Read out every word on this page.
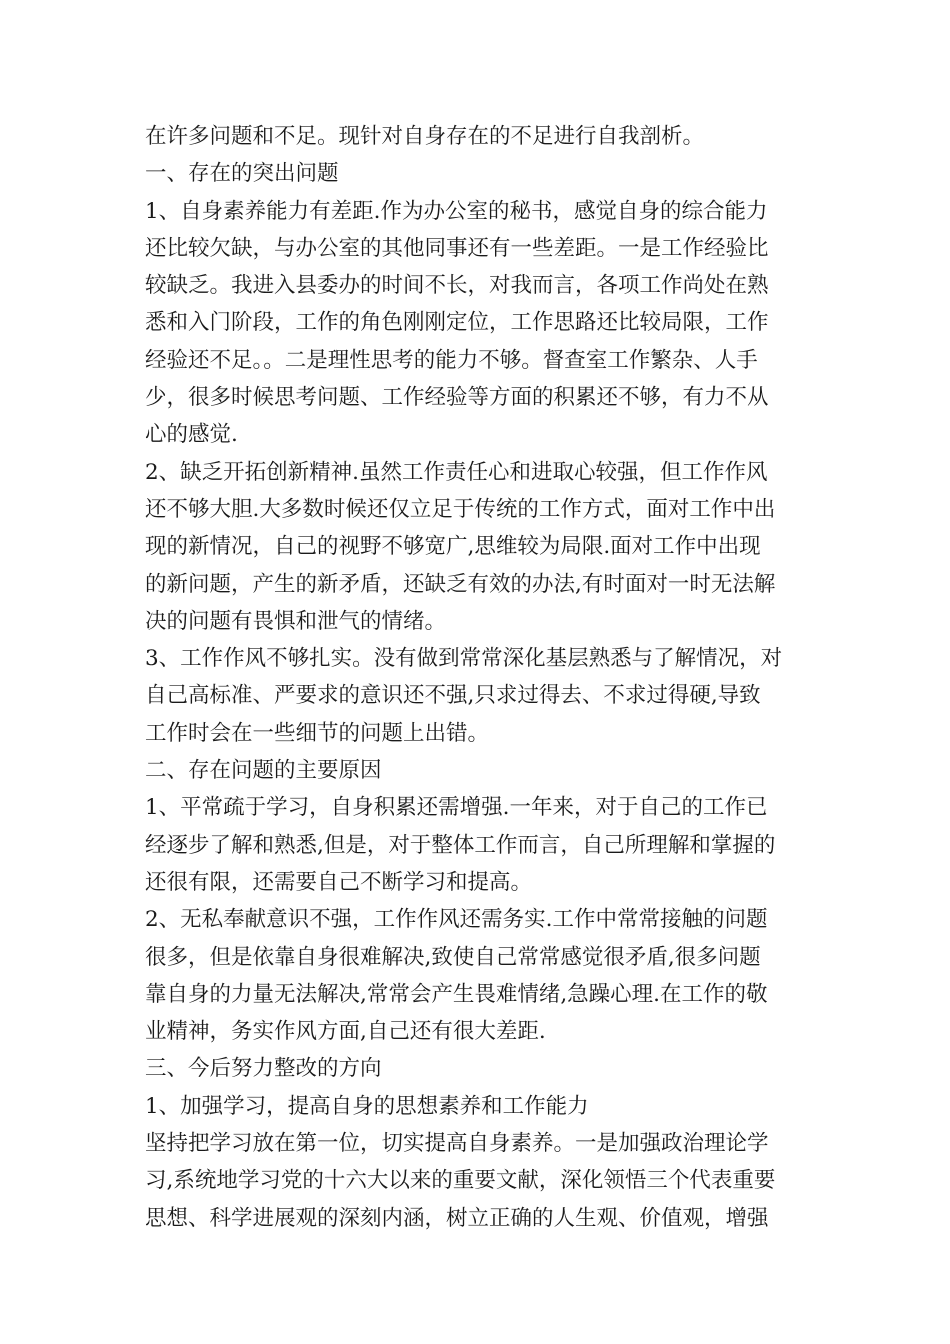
在许多问题和不足。现针对自身存在的不足进行自我剖析。
一、存在的突出问题
1、自身素养能力有差距.作为办公室的秘书，感觉自身的综合能力
还比较欠缺，与办公室的其他同事还有一些差距。一是工作经验比
较缺乏。我进入县委办的时间不长，对我而言，各项工作尚处在熟
悉和入门阶段，工作的角色刚刚定位，工作思路还比较局限，工作
经验还不足。。二是理性思考的能力不够。督查室工作繁杂、人手
少，很多时候思考问题、工作经验等方面的积累还不够，有力不从
心的感觉.
2、缺乏开拓创新精神.虽然工作责任心和进取心较强，但工作作风
还不够大胆.大多数时候还仅立足于传统的工作方式，面对工作中出
现的新情况，自己的视野不够宽广,思维较为局限.面对工作中出现
的新问题，产生的新矛盾，还缺乏有效的办法,有时面对一时无法解
决的问题有畏惧和泄气的情绪。
3、工作作风不够扎实。没有做到常常深化基层熟悉与了解情况，对
自己高标准、严要求的意识还不强,只求过得去、不求过得硬,导致
工作时会在一些细节的问题上出错。
二、存在问题的主要原因
1、平常疏于学习，自身积累还需增强.一年来，对于自己的工作已
经逐步了解和熟悉,但是，对于整体工作而言，自己所理解和掌握的
还很有限，还需要自己不断学习和提高。
2、无私奉献意识不强，工作作风还需务实.工作中常常接触的问题
很多，但是依靠自身很难解决,致使自己常常感觉很矛盾,很多问题
靠自身的力量无法解决,常常会产生畏难情绪,急躁心理.在工作的敬
业精神，务实作风方面,自己还有很大差距.
三、今后努力整改的方向
1、加强学习，提高自身的思想素养和工作能力
坚持把学习放在第一位，切实提高自身素养。一是加强政治理论学
习,系统地学习党的十六大以来的重要文献，深化领悟三个代表重要
思想、科学进展观的深刻内涵，树立正确的人生观、价值观，增强
